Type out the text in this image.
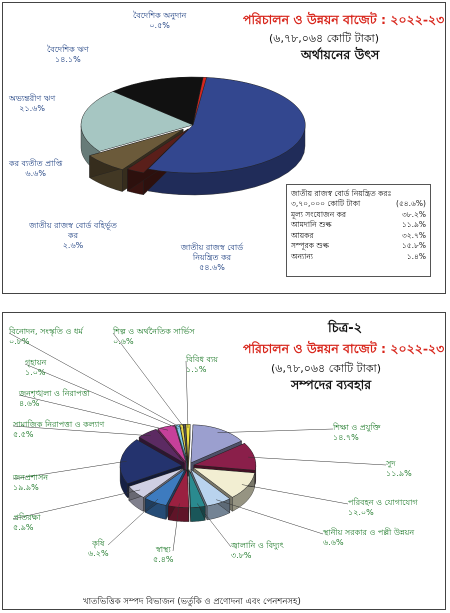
পরিচালন ও উন্নয়ন বাজেট : ২০২২-২৩
(৬,৭৮,০৬৪ কোটি টাকা)
অর্থায়নের উৎস
বৈদেশিক অনুদান
০.৫%
বৈদেশিক ঋণ
১৪.১%
অভ্যন্তরীণ ঋণ
২১.৬%
কর ব্যতীত প্রাপ্তি
৬.৬%
জাতীয় রাজস্ব বোর্ড বহির্ভূত কর
২.৬%	জাতীয় রাজস্ব বোর্ড নিয়ন্ত্রিত কর
৫৪.৬%
জাতীয় রাজস্ব বোর্ড নিয়ন্ত্রিত করঃ
৩,৭০,০০০ কোটি টাকা	(৫৪.৬%)
মূল্য সংযোজন কর	৩৮.২%
আমদানি শুল্ক	১১.৯%
আয়কর	৩২.৭%
সম্পূরক শুল্ক	১৫.৮%
অন্যান্য	১.৪%
চিত্র-২
পরিচালন ও উন্নয়ন বাজেট : ২০২২-২৩
(৬,৭৮,০৬৪ কোটি টাকা)
সম্পদের ব্যবহার
শিক্ষা ও প্রযুক্তি
১৪.৭%
সুদ
১১.৯%
পরিবহন ও যোগাযোগ
১২.০%
স্থানীয় সরকার ও পল্লী উন্নয়ন
৬.৬%
জ্বালানি ও বিদ্যুৎ
৩.৮%
স্বাস্থ্য
৫.৪%
কৃষি
৬.২%
প্রতিরক্ষা
৫.৯%
জনপ্রশাসন
১৯.৯%
সামাজিক নিরাপত্তা ও কল্যাণ
৫.৫%
জনশৃঙ্খলা ও নিরাপত্তা
৪.৬%
গৃহায়ন
১.০%
বিনোদন, সংস্কৃতি ও ধর্ম
০.৮%
শিল্প ও অর্থনৈতিক সার্ভিস
০.৬%
বিবিধ ব্যয়
১.১%
খাতভিত্তিক সম্পদ বিভাজন (ভর্তুকি ও প্রণোদনা এবং পেনশনসহ)
